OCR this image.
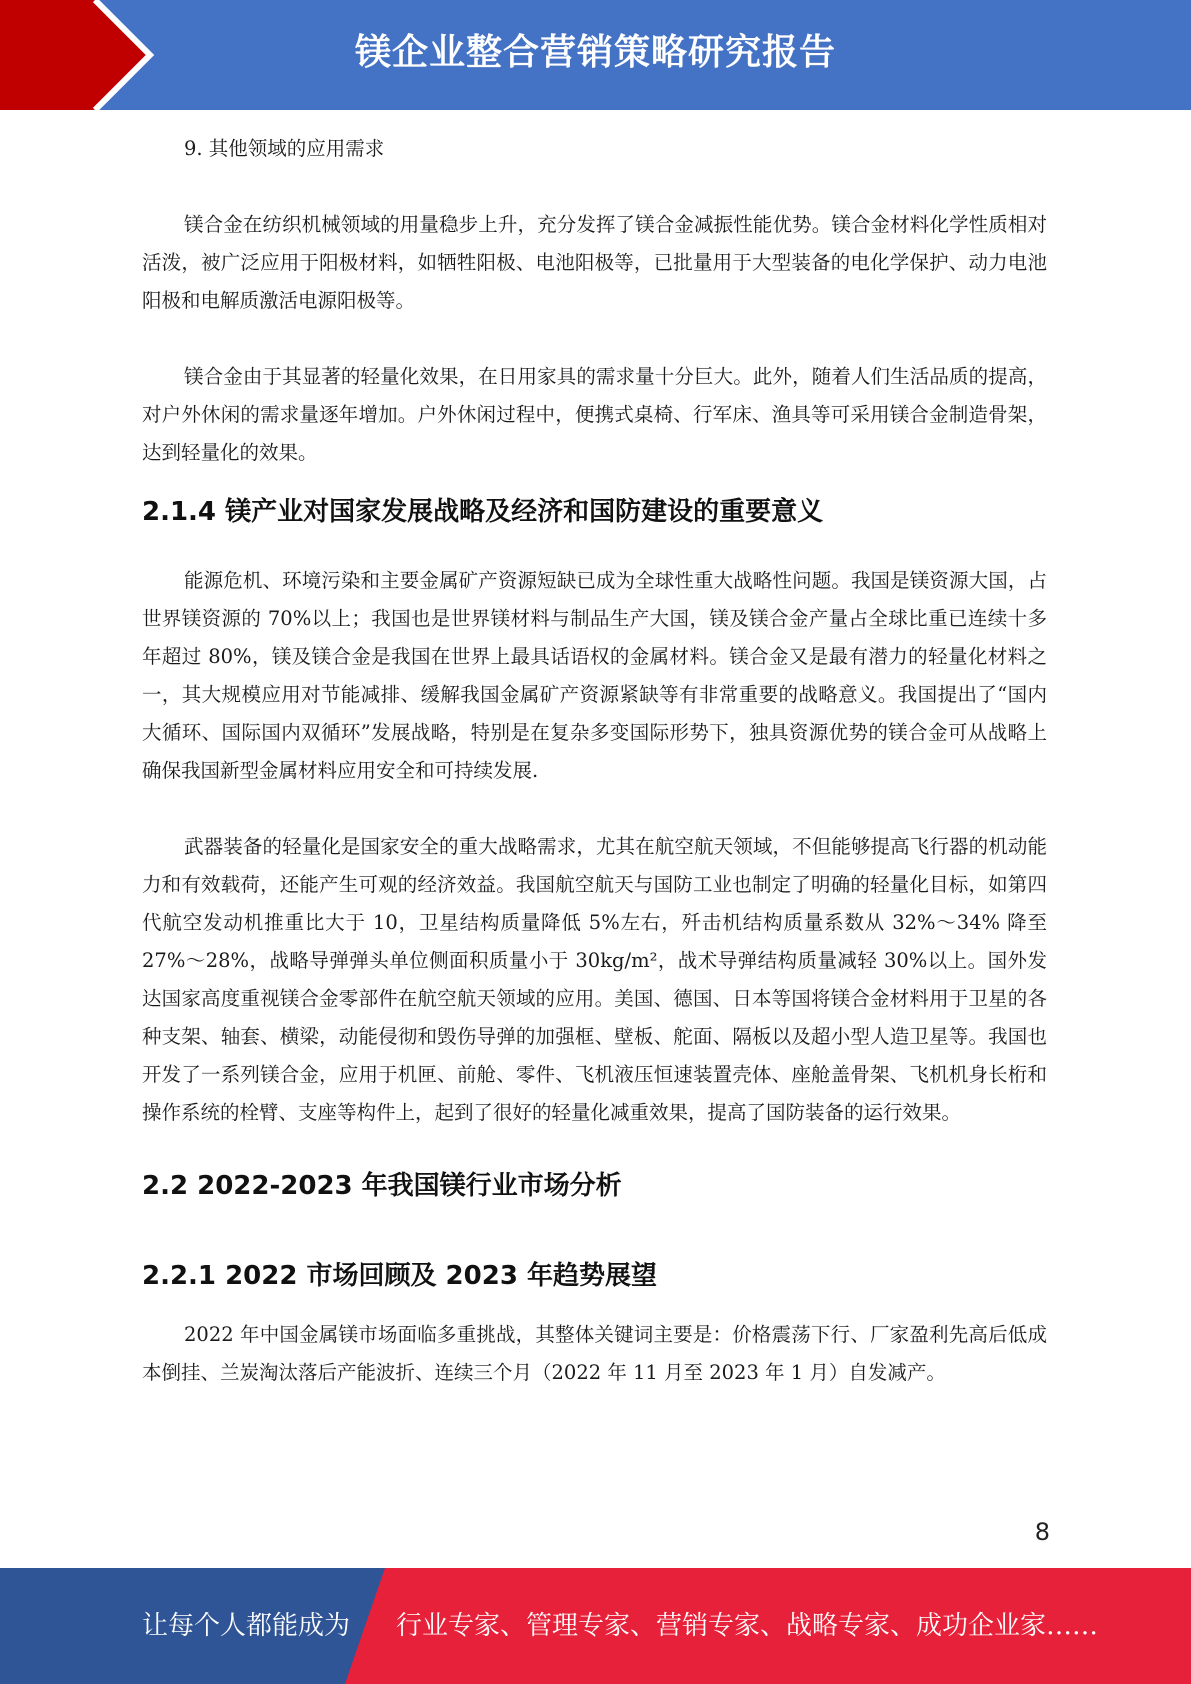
镁企业整合营销策略研究报告

9. 其他领域的应用需求

镁合金在纺织机械领域的用量稳步上升，充分发挥了镁合金减振性能优势。镁合金材料化学性质相对活泼，被广泛应用于阳极材料，如牺牲阳极、电池阳极等，已批量用于大型装备的电化学保护、动力电池阳极和电解质激活电源阳极等。

镁合金由于其显著的轻量化效果，在日用家具的需求量十分巨大。此外，随着人们生活品质的提高，对户外休闲的需求量逐年增加。户外休闲过程中，便携式桌椅、行军床、渔具等可采用镁合金制造骨架，达到轻量化的效果。

2.1.4 镁产业对国家发展战略及经济和国防建设的重要意义

能源危机、环境污染和主要金属矿产资源短缺已成为全球性重大战略性问题。我国是镁资源大国，占世界镁资源的 70%以上；我国也是世界镁材料与制品生产大国，镁及镁合金产量占全球比重已连续十多年超过 80%，镁及镁合金是我国在世界上最具话语权的金属材料。镁合金又是最有潜力的轻量化材料之一，其大规模应用对节能减排、缓解我国金属矿产资源紧缺等有非常重要的战略意义。我国提出了“国内大循环、国际国内双循环”发展战略，特别是在复杂多变国际形势下，独具资源优势的镁合金可从战略上确保我国新型金属材料应用安全和可持续发展.

武器装备的轻量化是国家安全的重大战略需求，尤其在航空航天领域，不但能够提高飞行器的机动能力和有效载荷，还能产生可观的经济效益。我国航空航天与国防工业也制定了明确的轻量化目标，如第四代航空发动机推重比大于 10，卫星结构质量降低 5%左右，歼击机结构质量系数从 32%～34% 降至 27%～28%，战略导弹弹头单位侧面积质量小于 30kg/m²，战术导弹结构质量减轻 30%以上。国外发达国家高度重视镁合金零部件在航空航天领域的应用。美国、德国、日本等国将镁合金材料用于卫星的各种支架、轴套、横梁，动能侵彻和毁伤导弹的加强框、壁板、舵面、隔板以及超小型人造卫星等。我国也开发了一系列镁合金，应用于机匣、前舱、零件、飞机液压恒速装置壳体、座舱盖骨架、飞机机身长桁和操作系统的栓臂、支座等构件上，起到了很好的轻量化减重效果，提高了国防装备的运行效果。

2.2 2022-2023 年我国镁行业市场分析
2.2.1 2022 市场回顾及 2023 年趋势展望

2022 年中国金属镁市场面临多重挑战，其整体关键词主要是：价格震荡下行、厂家盈利先高后低成本倒挂、兰炭淘汰落后产能波折、连续三个月（2022 年 11 月至 2023 年 1 月）自发减产。

8
让每个人都能成为 行业专家、管理专家、营销专家、战略专家、成功企业家……
